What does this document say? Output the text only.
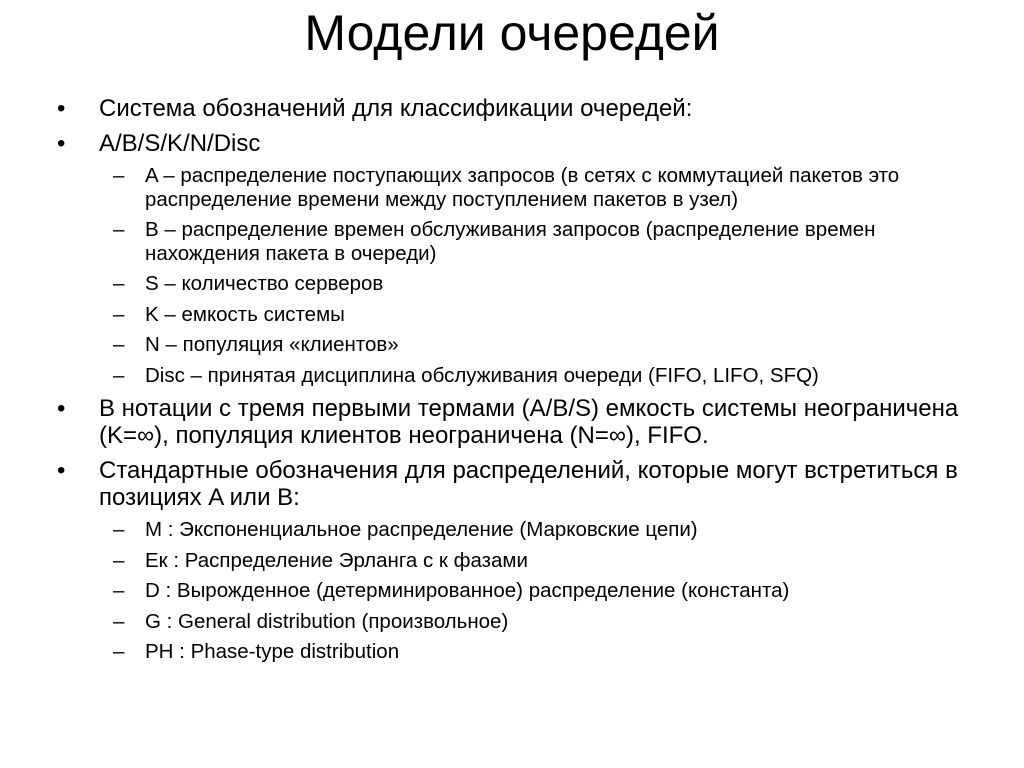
Модели очередей
• Система обозначений для классификации очередей:
• A/B/S/K/N/Disc
– A – распределение поступающих запросов (в сетях с коммутацией пакетов это распределение времени между поступлением пакетов в узел)
– B – распределение времен обслуживания запросов (распределение времен нахождения пакета в очереди)
– S – количество серверов
– K – емкость системы
– N – популяция «клиентов»
– Disc – принятая дисциплина обслуживания очереди (FIFO, LIFO, SFQ)
• В нотации с тремя первыми термами (A/B/S) емкость системы неограничена (K=∞), популяция клиентов неограничена (N=∞), FIFO.
• Стандартные обозначения для распределений, которые могут встретиться в позициях A или B:
– M : Экспоненциальное распределение (Марковские цепи)
– Eк : Распределение Эрланга с к фазами
– D : Вырожденное (детерминированное) распределение (константа)
– G : General distribution (произвольное)
– PH : Phase-type distribution
